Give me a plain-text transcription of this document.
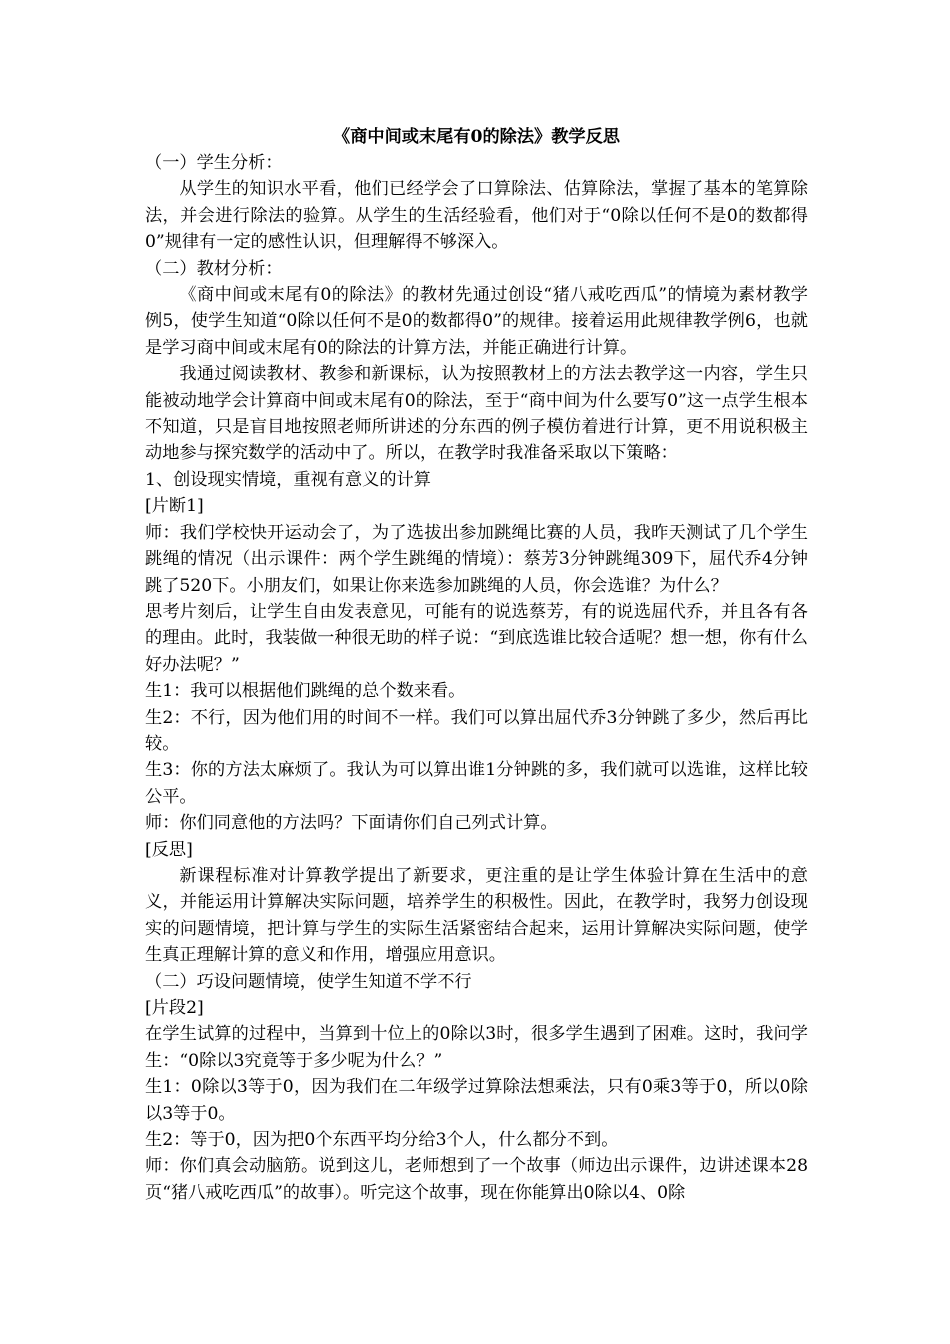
《商中间或末尾有0的除法》教学反思

（一）学生分析：

从学生的知识水平看，他们已经学会了口算除法、估算除法，掌握了基本的笔算除法，并会进行除法的验算。从学生的生活经验看，他们对于“0除以任何不是0的数都得0”规律有一定的感性认识，但理解得不够深入。

（二）教材分析：

《商中间或末尾有0的除法》的教材先通过创设“猪八戒吃西瓜”的情境为素材教学例5，使学生知道“0除以任何不是0的数都得0”的规律。接着运用此规律教学例6，也就是学习商中间或末尾有0的除法的计算方法，并能正确进行计算。

我通过阅读教材、教参和新课标，认为按照教材上的方法去教学这一内容，学生只能被动地学会计算商中间或末尾有0的除法，至于“商中间为什么要写0”这一点学生根本不知道，只是盲目地按照老师所讲述的分东西的例子模仿着进行计算，更不用说积极主动地参与探究数学的活动中了。所以，在教学时我准备采取以下策略：

1、创设现实情境，重视有意义的计算

[片断1]

师：我们学校快开运动会了，为了选拔出参加跳绳比赛的人员，我昨天测试了几个学生跳绳的情况（出示课件：两个学生跳绳的情境）：蔡芳3分钟跳绳309下，屈代乔4分钟跳了520下。小朋友们，如果让你来选参加跳绳的人员，你会选谁？为什么？

思考片刻后，让学生自由发表意见，可能有的说选蔡芳，有的说选屈代乔，并且各有各的理由。此时，我装做一种很无助的样子说：“到底选谁比较合适呢？想一想，你有什么好办法呢？”

生1：我可以根据他们跳绳的总个数来看。

生2：不行，因为他们用的时间不一样。我们可以算出屈代乔3分钟跳了多少，然后再比较。

生3：你的方法太麻烦了。我认为可以算出谁1分钟跳的多，我们就可以选谁，这样比较公平。

师：你们同意他的方法吗？下面请你们自己列式计算。

[反思]

新课程标准对计算教学提出了新要求，更注重的是让学生体验计算在生活中的意义，并能运用计算解决实际问题，培养学生的积极性。因此，在教学时，我努力创设现实的问题情境，把计算与学生的实际生活紧密结合起来，运用计算解决实际问题，使学生真正理解计算的意义和作用，增强应用意识。

（二）巧设问题情境，使学生知道不学不行

[片段2]

在学生试算的过程中，当算到十位上的0除以3时，很多学生遇到了困难。这时，我问学生：“0除以3究竟等于多少呢为什么？”

生1：0除以3等于0，因为我们在二年级学过算除法想乘法，只有0乘3等于0，所以0除以3等于0。

生2：等于0，因为把0个东西平均分给3个人，什么都分不到。

师：你们真会动脑筋。说到这儿，老师想到了一个故事（师边出示课件，边讲述课本28页“猪八戒吃西瓜”的故事）。听完这个故事，现在你能算出0除以4、0除
